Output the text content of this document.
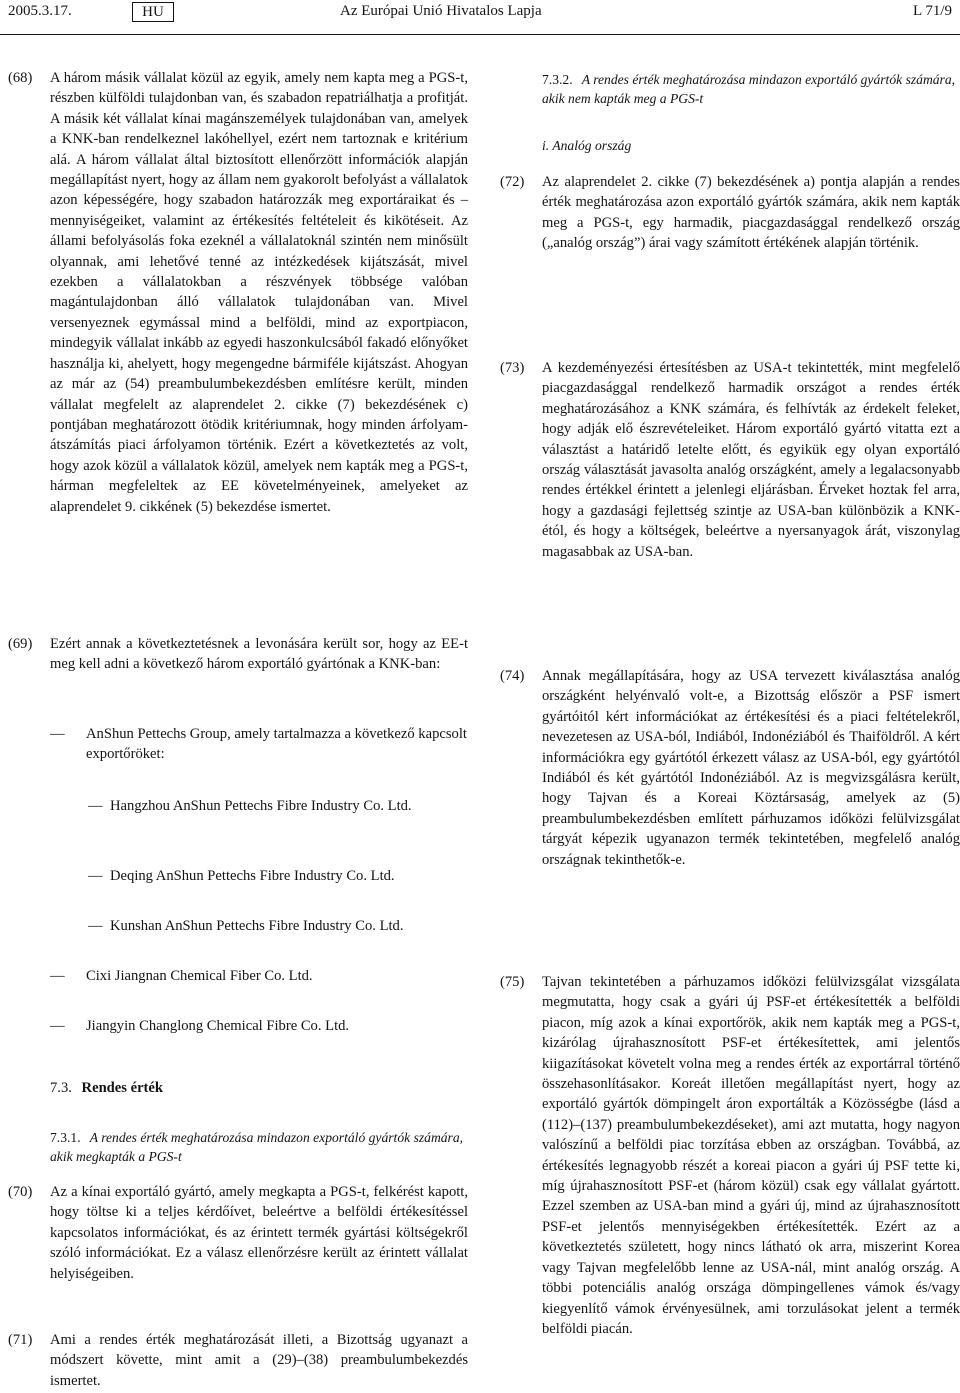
2005.3.17.	HU	Az Európai Unió Hivatalos Lapja	L 71/9
(68)	A három másik vállalat közül az egyik, amely nem kapta meg a PGS-t, részben külföldi tulajdonban van, és szabadon repatriálhatja a profitját. A másik két vállalat kínai magánszemélyek tulajdonában van, amelyek a KNK-ban rendelkeznel lakóhellyel, ezért nem tartoznak e kritérium alá. A három vállalat által biztosított ellenőrzött információk alapján megállapítást nyert, hogy az állam nem gyakorolt befolyást a vállalatok azon képességére, hogy szabadon határozzák meg exportáraikat és –mennyiségeiket, valamint az értékesítés feltételeit és kikötéseit. Az állami befolyásolás foka ezeknél a vállalatoknál szintén nem minősült olyannak, ami lehetővé tenné az intézkedések kijátszását, mivel ezekben a vállalatokban a részvények többsége valóban magántulajdonban álló vállalatok tulajdonában van. Mivel versenyeznek egymással mind a belföldi, mind az exportpiacon, mindegyik vállalat inkább az egyedi haszonkulcsából fakadó előnyőket használja ki, ahelyett, hogy megengedne bármiféle kijátszást. Ahogyan az már az (54) preambulumbekezdésben említésre került, minden vállalat megfelelt az alaprendelet 2. cikke (7) bekezdésének c) pontjában meghatározott ötödik kritériumnak, hogy minden árfolyam-átszámítás piaci árfolyamon történik. Ezért a következtetés az volt, hogy azok közül a vállalatok közül, amelyek nem kapták meg a PGS-t, hárman megfeleltek az EE követelményeinek, amelyeket az alaprendelet 9. cikkének (5) bekezdése ismertet.
(69)	Ezért annak a következtetésnek a levonására került sor, hogy az EE-t meg kell adni a következő három exportáló gyártónak a KNK-ban:
— AnShun Pettechs Group, amely tartalmazza a következő kapcsolt exportőröket:
— Hangzhou AnShun Pettechs Fibre Industry Co. Ltd.
— Deqing AnShun Pettechs Fibre Industry Co. Ltd.
— Kunshan AnShun Pettechs Fibre Industry Co. Ltd.
— Cixi Jiangnan Chemical Fiber Co. Ltd.
— Jiangyin Changlong Chemical Fibre Co. Ltd.
7.3. Rendes érték
7.3.1. A rendes érték meghatározása mindazon exportáló gyártók számára, akik megkapták a PGS-t
(70)	Az a kínai exportáló gyártó, amely megkapta a PGS-t, felkérést kapott, hogy töltse ki a teljes kérdőívet, beleértve a belföldi értékesítéssel kapcsolatos információkat, és az érintett termék gyártási költségekről szóló információkat. Ez a válasz ellenőrzésre került az érintett vállalat helyiségeiben.
(71)	Ami a rendes érték meghatározását illeti, a Bizottság ugyanazt a módszert követte, mint amit a (29)–(38) preambulumbekezdés ismertet.
7.3.2. A rendes érték meghatározása mindazon exportáló gyártók számára, akik nem kapták meg a PGS-t
i. Analóg ország
(72)	Az alaprendelet 2. cikke (7) bekezdésének a) pontja alapján a rendes érték meghatározása azon exportáló gyártók számára, akik nem kapták meg a PGS-t, egy harmadik, piacgazdasággal rendelkező ország („analóg ország”) árai vagy számított értékének alapján történik.
(73)	A kezdeményezési értesítésben az USA-t tekintették, mint megfelelő piacgazdasággal rendelkező harmadik országot a rendes érték meghatározásához a KNK számára, és felhívták az érdekelt feleket, hogy adják elő észrevételeiket. Három exportáló gyártó vitatta ezt a választást a határidő letelte előtt, és egyikük egy olyan exportáló ország választását javasolta analóg országként, amely a legalacsonyabb rendes értékkel érintett a jelenlegi eljárásban. Érveket hoztak fel arra, hogy a gazdasági fejlettség szintje az USA-ban különbözik a KNK-étól, és hogy a költségek, beleértve a nyersanyagok árát, viszonylag magasabbak az USA-ban.
(74)	Annak megállapítására, hogy az USA tervezett kiválasztása analóg országként helyénvaló volt-e, a Bizottság először a PSF ismert gyártóitól kért információkat az értékesítési és a piaci feltételekről, nevezetesen az USA-ból, Indiából, Indonéziából és Thaiföldről. A kért információkra egy gyártótól érkezett válasz az USA-ból, egy gyártótól Indiából és két gyártótól Indonéziából. Az is megvizsgálásra került, hogy Tajvan és a Koreai Köztársaság, amelyek az (5) preambulumbekezdésben említett párhuzamos időközi felülvizsgálat tárgyát képezik ugyanazon termék tekintetében, megfelelő analóg országnak tekinthetők-e.
(75)	Tajvan tekintetében a párhuzamos időközi felülvizsgálat vizsgálata megmutatta, hogy csak a gyári új PSF-et értékesítették a belföldi piacon, míg azok a kínai exportőrök, akik nem kapták meg a PGS-t, kizárólag újrahasznosított PSF-et értékesítettek, ami jelentős kiigazításokat követelt volna meg a rendes érték az exportárral történő összehasonlításakor. Koreát illetően megállapítást nyert, hogy az exportáló gyártók dömpingelt áron exportálták a Közösségbe (lásd a (112)–(137) preambulumbekezdéseket), ami azt mutatta, hogy nagyon valószínű a belföldi piac torzítása ebben az országban. Továbbá, az értékesítés legnagyobb részét a koreai piacon a gyári új PSF tette ki, míg újrahasznosított PSF-et (három közül) csak egy vállalat gyártott. Ezzel szemben az USA-ban mind a gyári új, mind az újrahasznosított PSF-et jelentős mennyiségekben értékesítették. Ezért az a következtetés született, hogy nincs látható ok arra, miszerint Korea vagy Tajvan megfelelőbb lenne az USA-nál, mint analóg ország. A többi potenciális analóg országa dömpingellenes vámok és/vagy kiegyenlítő vámok érvényesülnek, ami torzulásokat jelent a termék belföldi piacán.
